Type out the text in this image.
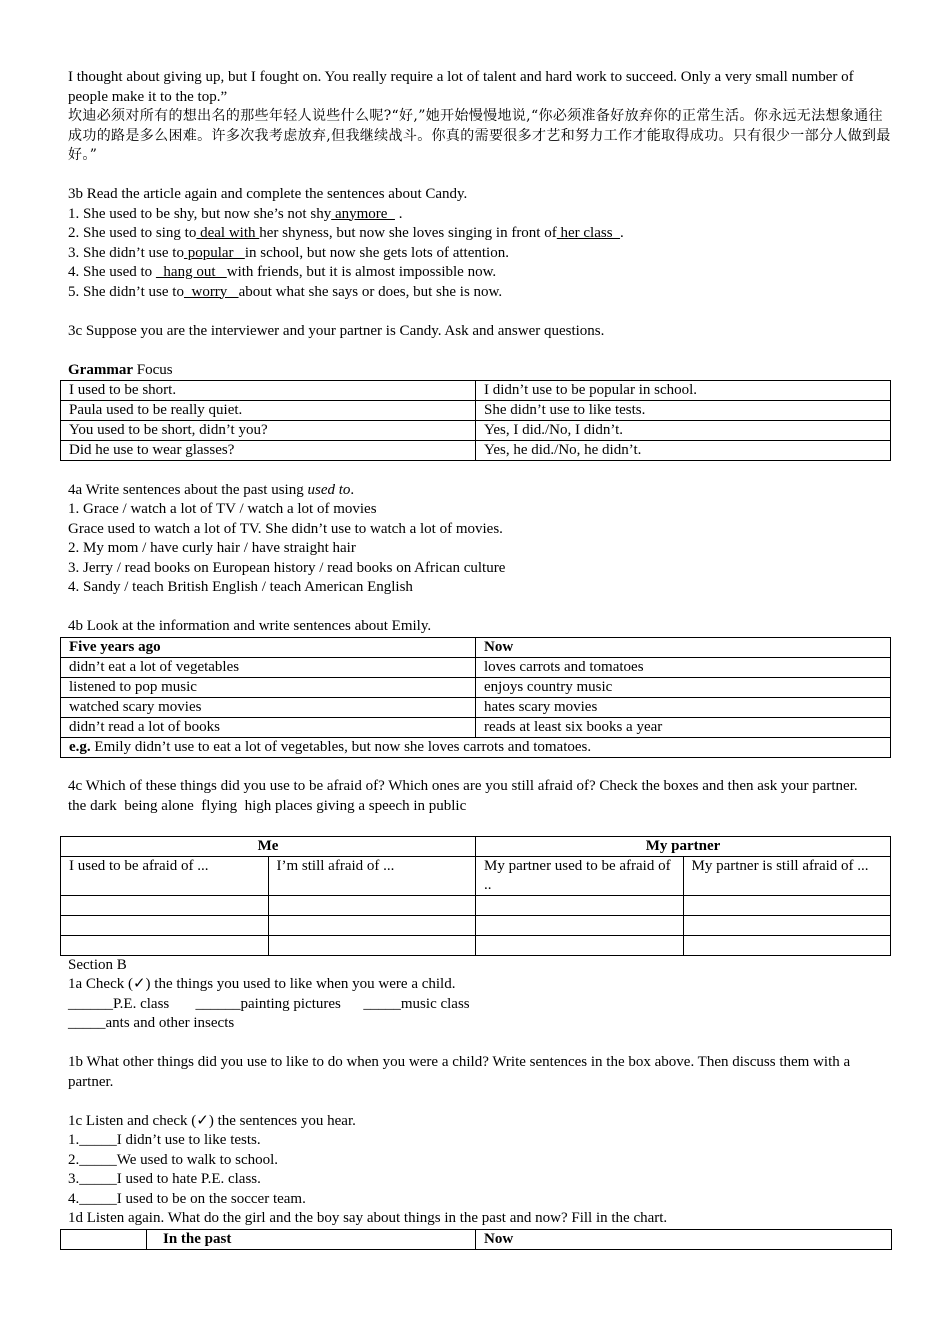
I thought about giving up, but I fought on. You really require a lot of talent and hard work to succeed. Only a very small number of people make it to the top.”
坎迪必须对所有的想出名的那些年轻人说些什么呢?“好,”她开始慢慢地说,“你必须准备好放弃你的正常生活。你永远无法想象通往成功的路是多么困难。许多次我考虑放弃,但我继续战斗。你真的需要很多才艺和努力工作才能取得成功。只有很少一部分人做到最好。”
3b Read the article again and complete the sentences about Candy.
1. She used to be shy, but now she’s not shy anymore   .
2. She used to sing to deal with her shyness, but now she loves singing in front of her class  .
3. She didn’t use to popular   in school, but now she gets lots of attention.
4. She used to   hang out   with friends, but it is almost impossible now.
5. She didn’t use to  worry   about what she says or does, but she is now.
3c Suppose you are the interviewer and your partner is Candy. Ask and answer questions.
Grammar Focus
I used to be short.	I didn’t use to be popular in school.
Paula used to be really quiet.	She didn’t use to like tests.
You used to be short, didn’t you?	Yes, I did./No, I didn’t.
Did he use to wear glasses?	Yes, he did./No, he didn’t.
4a Write sentences about the past using used to.
1. Grace / watch a lot of TV / watch a lot of movies
Grace used to watch a lot of TV. She didn’t use to watch a lot of movies.
2. My mom / have curly hair / have straight hair
3. Jerry / read books on European history / read books on African culture
4. Sandy / teach British English / teach American English
4b Look at the information and write sentences about Emily.
Five years ago	Now
didn’t eat a lot of vegetables	loves carrots and tomatoes
listened to pop music	enjoys country music
watched scary movies	hates scary movies
didn’t read a lot of books	reads at least six books a year
e.g. Emily didn’t use to eat a lot of vegetables, but now she loves carrots and tomatoes.	
4c Which of these things did you use to be afraid of? Which ones are you still afraid of? Check the boxes and then ask your partner.
the dark  being alone  flying  high places giving a speech in public
Me		My partner	
I used to be afraid of ...	I’m still afraid of ...	My partner used to be afraid of ..	My partner is still afraid of ...

Section B
1a Check (✓) the things you used to like when you were a child.
______P.E. class       ______painting pictures      _____music class
_____ants and other insects
1b What other things did you use to like to do when you were a child? Write sentences in the box above. Then discuss them with a partner.
1c Listen and check (✓) the sentences you hear.
1._____I didn’t use to like tests.
2._____We used to walk to school.
3._____I used to hate P.E. class.
4._____I used to be on the soccer team.
1d Listen again. What do the girl and the boy say about things in the past and now? Fill in the chart.
	In the past	Now
